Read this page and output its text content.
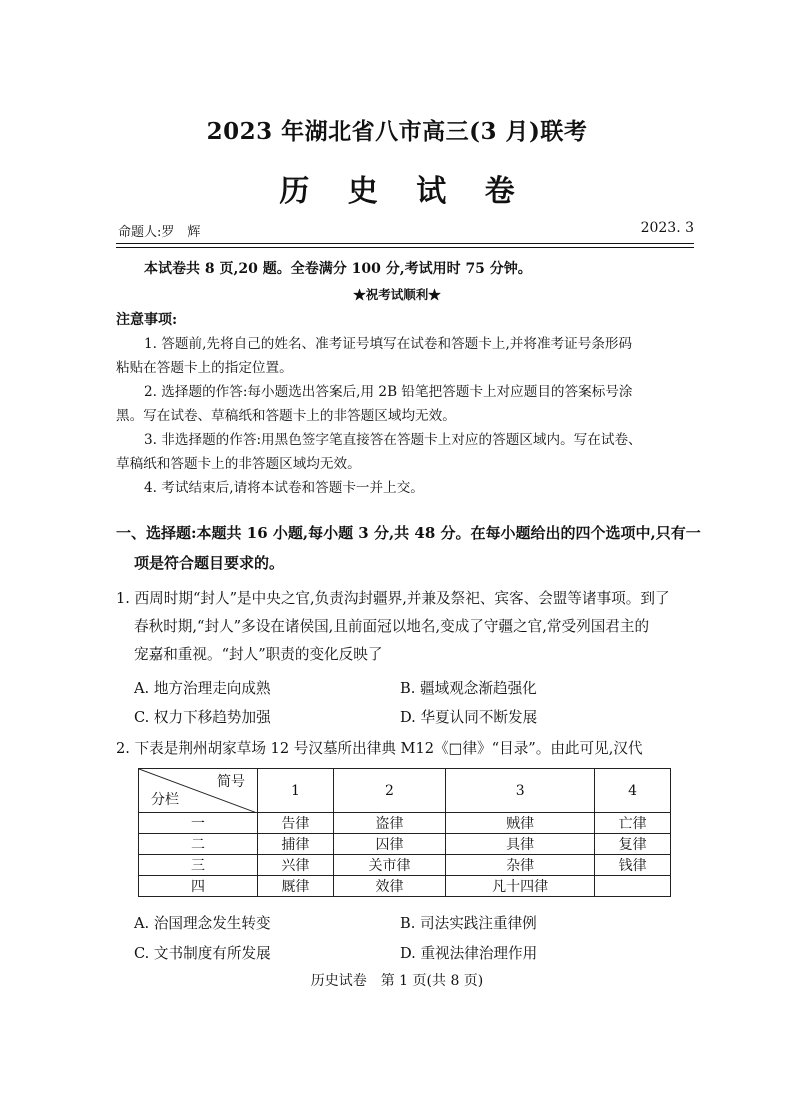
2023 年湖北省八市高三(3 月)联考
历 史 试 卷
命题人:罗　辉	2023. 3
本试卷共 8 页,20 题。全卷满分 100 分,考试用时 75 分钟。
★祝考试顺利★
注意事项:
1. 答题前,先将自己的姓名、准考证号填写在试卷和答题卡上,并将准考证号条形码
粘贴在答题卡上的指定位置。
2. 选择题的作答:每小题选出答案后,用 2B 铅笔把答题卡上对应题目的答案标号涂
黑。写在试卷、草稿纸和答题卡上的非答题区域均无效。
3. 非选择题的作答:用黑色签字笔直接答在答题卡上对应的答题区域内。写在试卷、
草稿纸和答题卡上的非答题区域均无效。
4. 考试结束后,请将本试卷和答题卡一并上交。
一、选择题:本题共 16 小题,每小题 3 分,共 48 分。在每小题给出的四个选项中,只有一
项是符合题目要求的。
1. 西周时期“封人”是中央之官,负责沟封疆界,并兼及祭祀、宾客、会盟等诸事项。到了
春秋时期,“封人”多设在诸侯国,且前面冠以地名,变成了守疆之官,常受列国君主的
宠嘉和重视。“封人”职责的变化反映了
A. 地方治理走向成熟	B. 疆域观念渐趋强化
C. 权力下移趋势加强	D. 华夏认同不断发展
2. 下表是荆州胡家草场 12 号汉墓所出律典 M12《□律》“目录”。由此可见,汉代
简号
分栏	1	2	3	4
一	告律	盗律	贼律	亡律
二	捕律	囚律	具律	复律
三	兴律	关市律	杂律	钱律
四	厩律	效律	凡十四律	
A. 治国理念发生转变	B. 司法实践注重律例
C. 文书制度有所发展	D. 重视法律治理作用
历史试卷　第 1 页(共 8 页)
